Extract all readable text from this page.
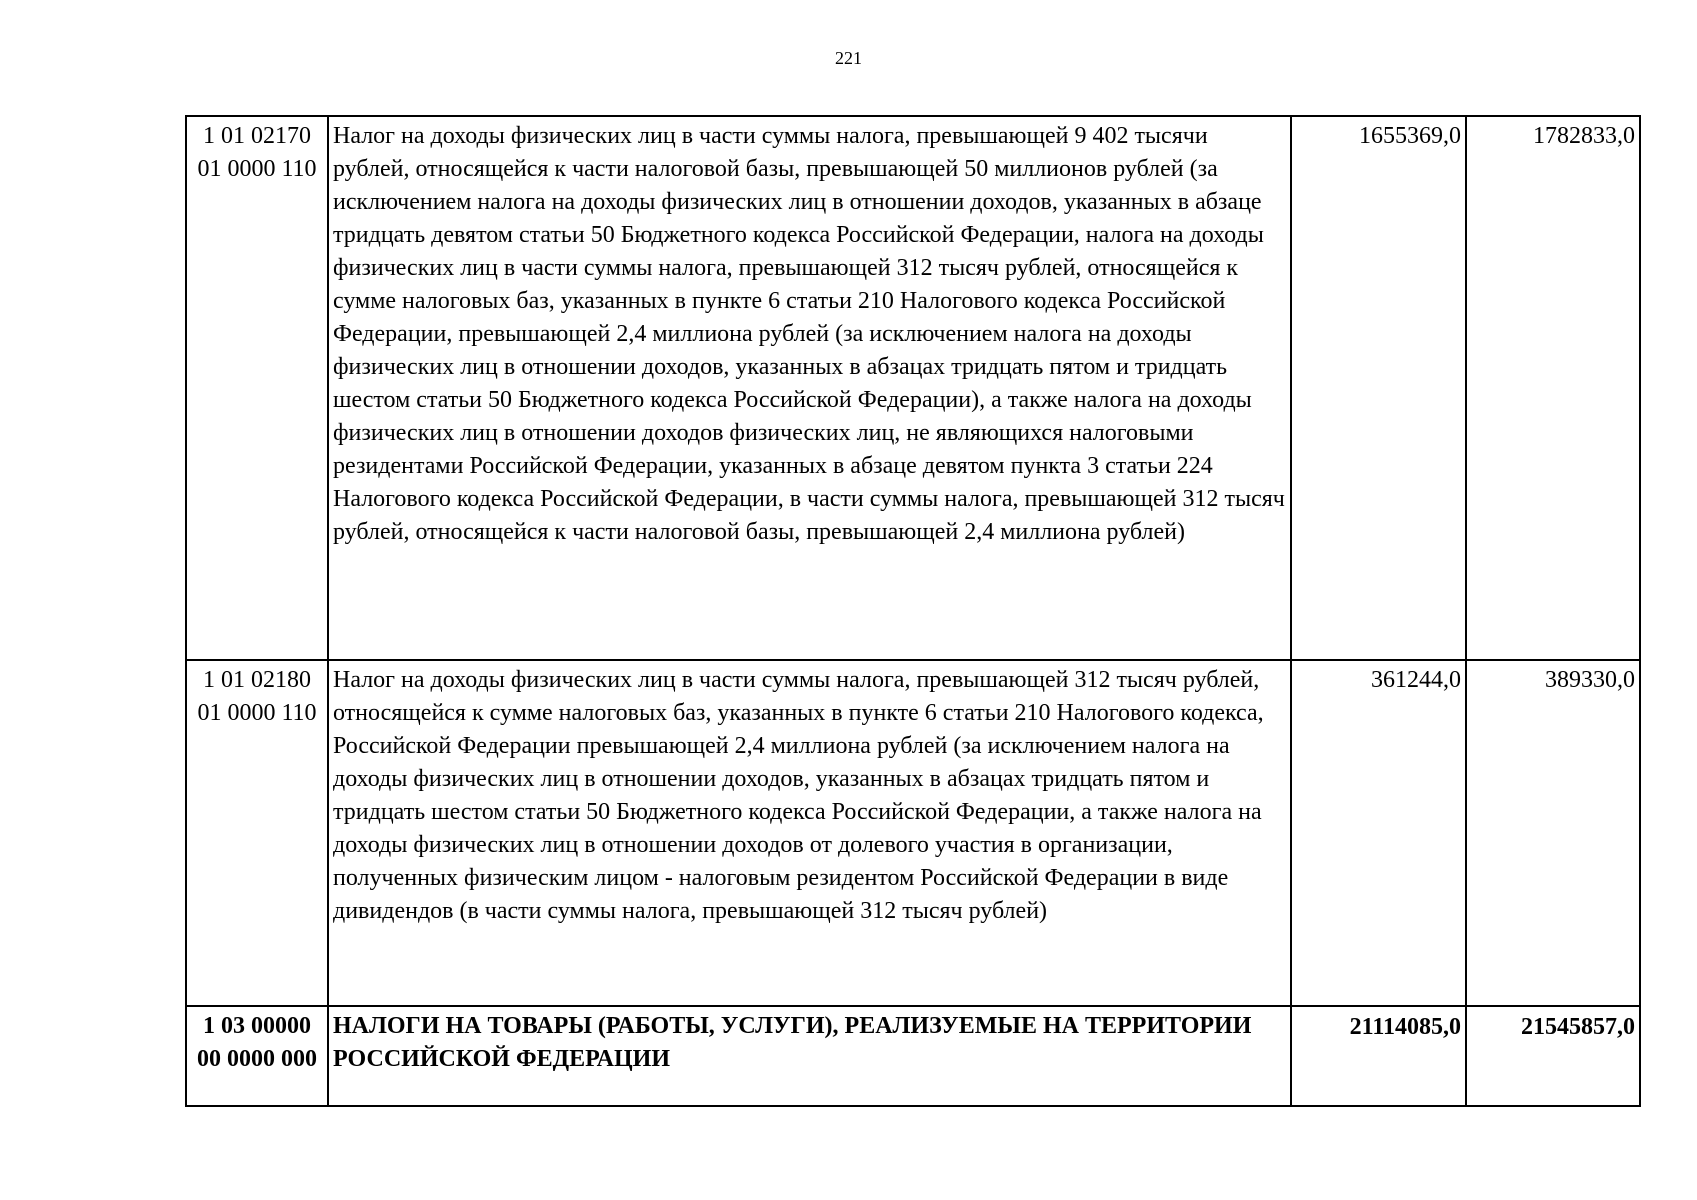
221
1 01 02170
01 0000 110	Налог на доходы физических лиц в части суммы налога, превышающей 9 402 тысячи рублей, относящейся к части налоговой базы, превышающей 50 миллионов рублей (за исключением налога на доходы физических лиц в отношении доходов, указанных в абзаце тридцать девятом статьи 50 Бюджетного кодекса Российской Федерации, налога на доходы физических лиц в части суммы налога, превышающей 312 тысяч рублей, относящейся к сумме налоговых баз, указанных в пункте 6 статьи 210 Налогового кодекса Российской Федерации, превышающей 2,4 миллиона рублей (за исключением налога на доходы физических лиц в отношении доходов, указанных в абзацах тридцать пятом и тридцать шестом статьи 50 Бюджетного кодекса Российской Федерации), а также налога на доходы физических лиц в отношении доходов физических лиц, не являющихся налоговыми резидентами Российской Федерации, указанных в абзаце девятом пункта 3 статьи 224 Налогового кодекса Российской Федерации, в части суммы налога, превышающей 312 тысяч рублей, относящейся к части налоговой базы, превышающей 2,4 миллиона рублей)	1655369,0	1782833,0

1 01 02180
01 0000 110	Налог на доходы физических лиц в части суммы налога, превышающей 312 тысяч рублей, относящейся к сумме налоговых баз, указанных в пункте 6 статьи 210 Налогового кодекса, Российской Федерации превышающей 2,4 миллиона рублей (за исключением налога на доходы физических лиц в отношении доходов, указанных в абзацах тридцать пятом и тридцать шестом статьи 50 Бюджетного кодекса Российской Федерации, а также налога на доходы физических лиц в отношении доходов от долевого участия в организации, полученных физическим лицом - налоговым резидентом Российской Федерации в виде дивидендов (в части суммы налога, превышающей 312 тысяч рублей)	361244,0	389330,0

1 03 00000
00 0000 000	НАЛОГИ НА ТОВАРЫ (РАБОТЫ, УСЛУГИ), РЕАЛИЗУЕМЫЕ НА ТЕРРИТОРИИ РОССИЙСКОЙ ФЕДЕРАЦИИ	21114085,0	21545857,0
